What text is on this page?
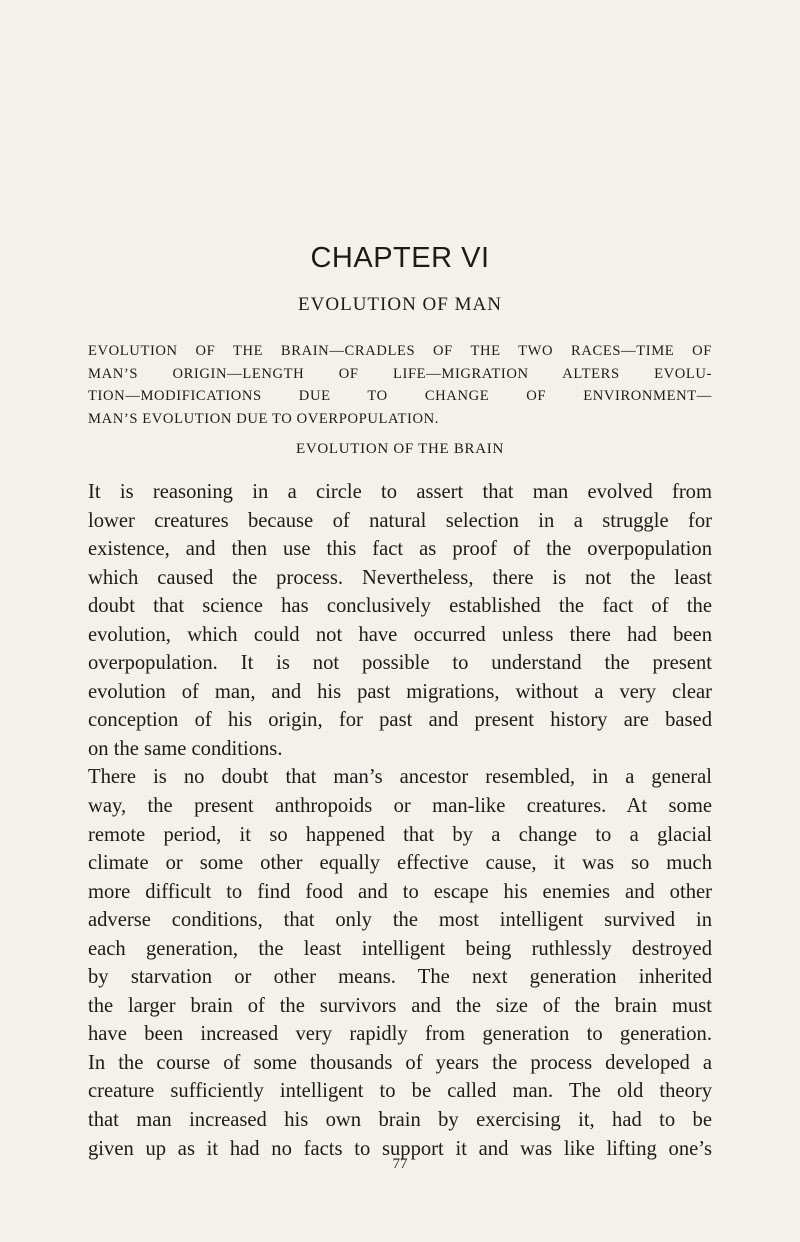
CHAPTER VI
EVOLUTION OF MAN

EVOLUTION OF THE BRAIN—CRADLES OF THE TWO RACES—TIME OF
MAN’S ORIGIN—LENGTH OF LIFE—MIGRATION ALTERS EVOLU-
TION—MODIFICATIONS DUE TO CHANGE OF ENVIRONMENT—
MAN’S EVOLUTION DUE TO OVERPOPULATION.

EVOLUTION OF THE BRAIN
It is reasoning in a circle to assert that man evolved from
lower creatures because of natural selection in a struggle for
existence, and then use this fact as proof of the overpopulation
which caused the process. Nevertheless, there is not the least
doubt that science has conclusively established the fact of the
evolution, which could not have occurred unless there had been
overpopulation. It is not possible to understand the present
evolution of man, and his past migrations, without a very clear
conception of his origin, for past and present history are based
on the same conditions.
There is no doubt that man’s ancestor resembled, in a general
way, the present anthropoids or man-like creatures. At some
remote period, it so happened that by a change to a glacial
climate or some other equally effective cause, it was so much
more difficult to find food and to escape his enemies and other
adverse conditions, that only the most intelligent survived in
each generation, the least intelligent being ruthlessly destroyed
by starvation or other means. The next generation inherited
the larger brain of the survivors and the size of the brain must
have been increased very rapidly from generation to generation.
In the course of some thousands of years the process developed a
creature sufficiently intelligent to be called man. The old theory
that man increased his own brain by exercising it, had to be
given up as it had no facts to support it and was like lifting one’s

77
